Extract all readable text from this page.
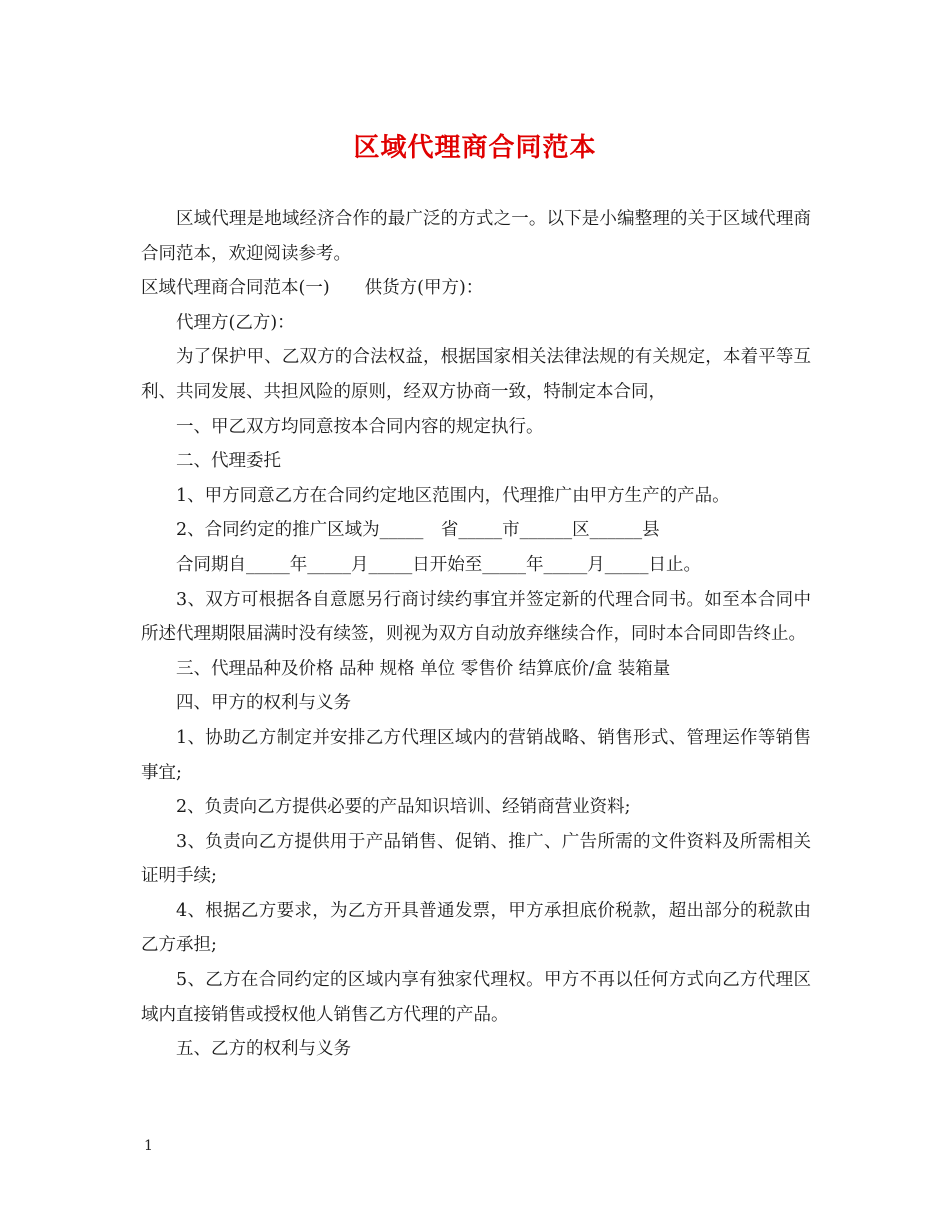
区域代理商合同范本

区域代理是地域经济合作的最广泛的方式之一。以下是小编整理的关于区域代理商合同范本，欢迎阅读参考。

区域代理商合同范本(一)　　供货方(甲方)：

代理方(乙方)：

为了保护甲、乙双方的合法权益，根据国家相关法律法规的有关规定，本着平等互利、共同发展、共担风险的原则，经双方协商一致，特制定本合同，

一、甲乙双方均同意按本合同内容的规定执行。

二、代理委托

1、甲方同意乙方在合同约定地区范围内，代理推广由甲方生产的产品。

2、合同约定的推广区域为_____　省_____市______区______县

合同期自_____年_____月_____日开始至_____年_____月_____日止。

3、双方可根据各自意愿另行商讨续约事宜并签定新的代理合同书。如至本合同中所述代理期限届满时没有续签，则视为双方自动放弃继续合作，同时本合同即告终止。

三、代理品种及价格 品种 规格 单位 零售价 结算底价/盒 装箱量

四、甲方的权利与义务

1、协助乙方制定并安排乙方代理区域内的营销战略、销售形式、管理运作等销售事宜;

2、负责向乙方提供必要的产品知识培训、经销商营业资料;

3、负责向乙方提供用于产品销售、促销、推广、广告所需的文件资料及所需相关证明手续;

4、根据乙方要求，为乙方开具普通发票，甲方承担底价税款，超出部分的税款由乙方承担;

5、乙方在合同约定的区域内享有独家代理权。甲方不再以任何方式向乙方代理区域内直接销售或授权他人销售乙方代理的产品。

五、乙方的权利与义务

1
